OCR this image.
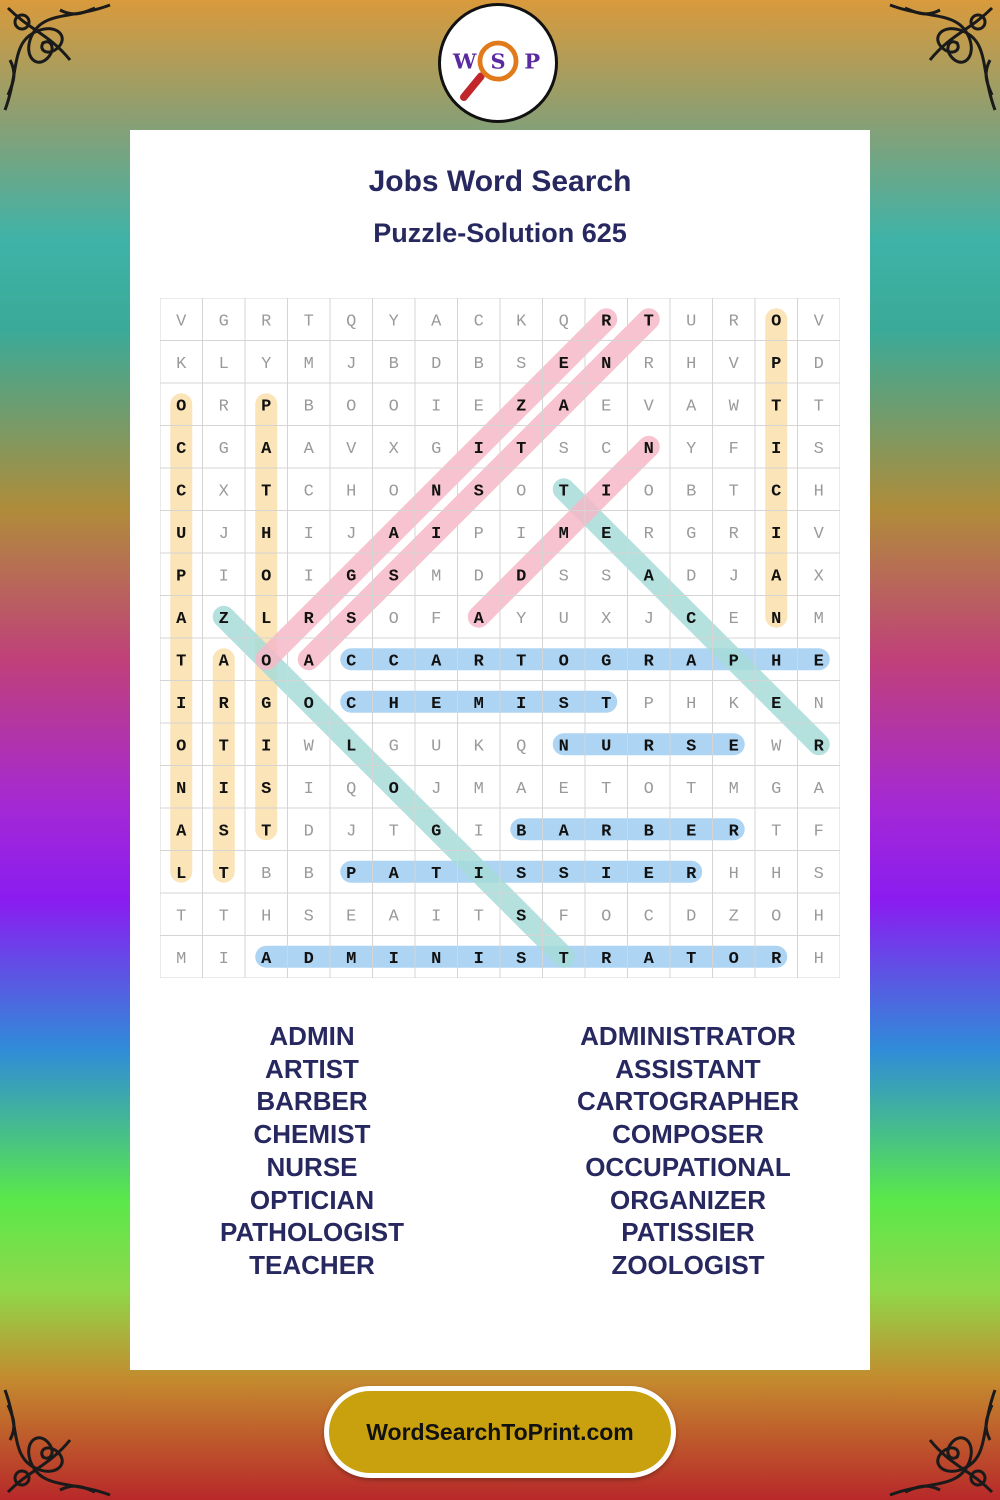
W S P
Jobs Word Search
Puzzle-Solution 625
V G R T Q Y A C K Q R T U R O V
K L Y M J B D B S E N R H V P D
O R P B O O I E Z A E V A W T T
C G A A V X G I T S C N Y F I S
C X T C H O N S O T I O B T C H
U J H I J A I P I M E R G R I V
P I O I G S M D D S S A D J A X
A Z L R S O F A Y U X J C E N M
T A O A C C A R T O G R A P H E
I R G O C H E M I S T P H K E N
O T I W L G U K Q N U R S E W R
N I S I Q O J M A E T O T M G A
A S T D J T G I B A R B E R T F
L T B B P A T I S S I E R H H S
T T H S E A I T S F O C D Z O H
M I A D M I N I S T R A T O R H
ADMIN
ARTIST
BARBER
CHEMIST
NURSE
OPTICIAN
PATHOLOGIST
TEACHER
ADMINISTRATOR
ASSISTANT
CARTOGRAPHER
COMPOSER
OCCUPATIONAL
ORGANIZER
PATISSIER
ZOOLOGIST
WordSearchToPrint.com
